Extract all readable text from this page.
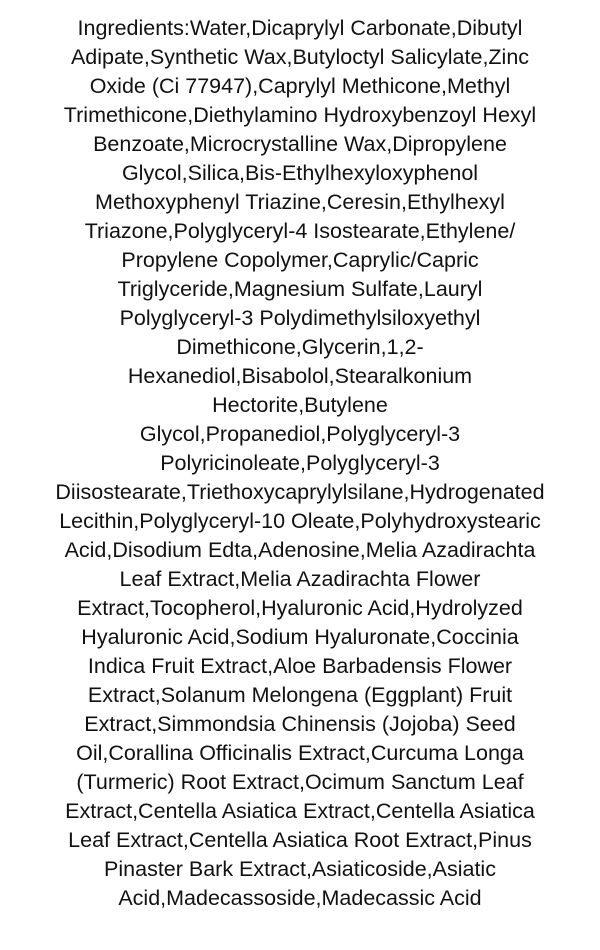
Ingredients:Water,Dicaprylyl Carbonate,Dibutyl
Adipate,Synthetic Wax,Butyloctyl Salicylate,Zinc
Oxide (Ci 77947),Caprylyl Methicone,Methyl
Trimethicone,Diethylamino Hydroxybenzoyl Hexyl
Benzoate,Microcrystalline Wax,Dipropylene
Glycol,Silica,Bis-Ethylhexyloxyphenol
Methoxyphenyl Triazine,Ceresin,Ethylhexyl
Triazone,Polyglyceryl-4 Isostearate,Ethylene/
Propylene Copolymer,Caprylic/Capric
Triglyceride,Magnesium Sulfate,Lauryl
Polyglyceryl-3 Polydimethylsiloxyethyl
Dimethicone,Glycerin,1,2-
Hexanediol,Bisabolol,Stearalkonium
Hectorite,Butylene
Glycol,Propanediol,Polyglyceryl-3
Polyricinoleate,Polyglyceryl-3
Diisostearate,Triethoxycaprylylsilane,Hydrogenated
Lecithin,Polyglyceryl-10 Oleate,Polyhydroxystearic
Acid,Disodium Edta,Adenosine,Melia Azadirachta
Leaf Extract,Melia Azadirachta Flower
Extract,Tocopherol,Hyaluronic Acid,Hydrolyzed
Hyaluronic Acid,Sodium Hyaluronate,Coccinia
Indica Fruit Extract,Aloe Barbadensis Flower
Extract,Solanum Melongena (Eggplant) Fruit
Extract,Simmondsia Chinensis (Jojoba) Seed
Oil,Corallina Officinalis Extract,Curcuma Longa
(Turmeric) Root Extract,Ocimum Sanctum Leaf
Extract,Centella Asiatica Extract,Centella Asiatica
Leaf Extract,Centella Asiatica Root Extract,Pinus
Pinaster Bark Extract,Asiaticoside,Asiatic
Acid,Madecassoside,Madecassic Acid
